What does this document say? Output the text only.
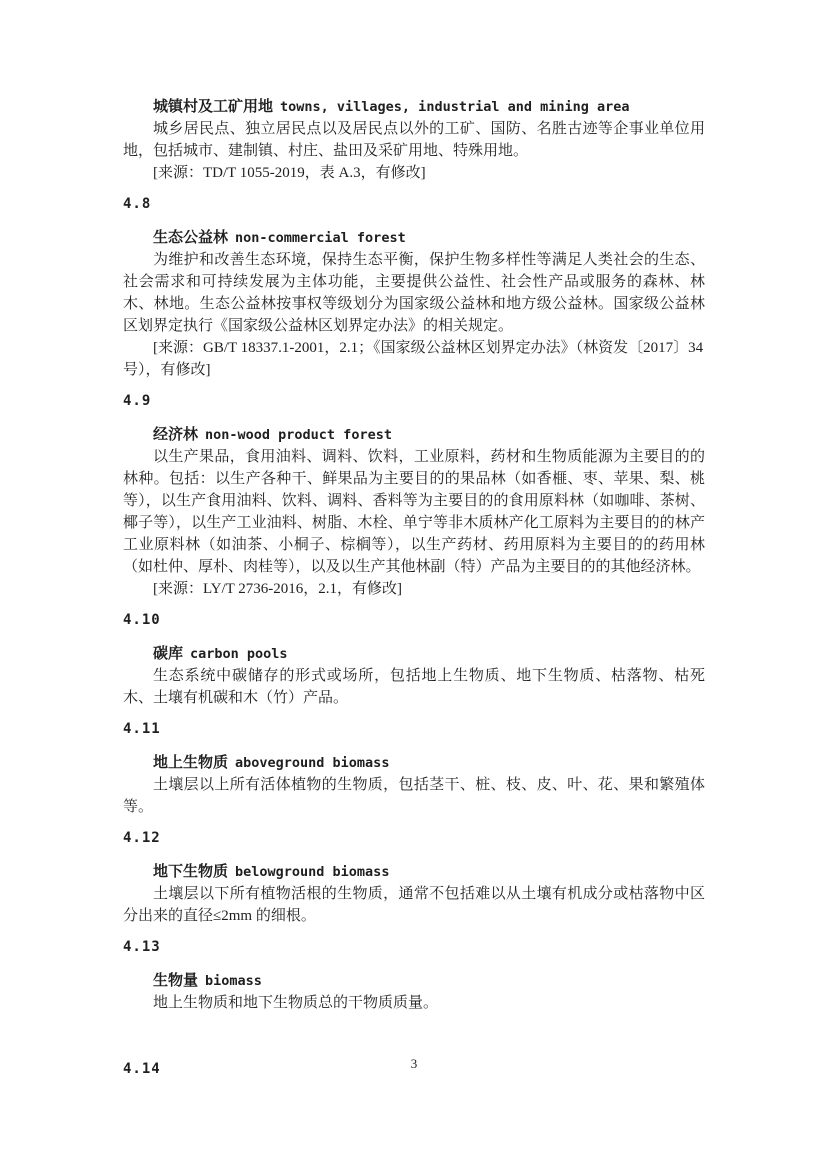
城镇村及工矿用地 towns, villages, industrial and mining area

城乡居民点、独立居民点以及居民点以外的工矿、国防、名胜古迹等企事业单位用地，包括城市、建制镇、村庄、盐田及采矿用地、特殊用地。

[来源：TD/T 1055-2019，表 A.3，有修改]

4.8

生态公益林 non-commercial forest

为维护和改善生态环境，保持生态平衡，保护生物多样性等满足人类社会的生态、社会需求和可持续发展为主体功能，主要提供公益性、社会性产品或服务的森林、林木、林地。生态公益林按事权等级划分为国家级公益林和地方级公益林。国家级公益林区划界定执行《国家级公益林区划界定办法》的相关规定。

[来源：GB/T 18337.1-2001，2.1；《国家级公益林区划界定办法》（林资发〔2017〕34 号），有修改]

4.9

经济林 non-wood product forest

以生产果品，食用油料、调料、饮料，工业原料，药材和生物质能源为主要目的的林种。包括：以生产各种干、鲜果品为主要目的的果品林（如香榧、枣、苹果、梨、桃等），以生产食用油料、饮料、调料、香料等为主要目的的食用原料林（如咖啡、茶树、椰子等），以生产工业油料、树脂、木栓、单宁等非木质林产化工原料为主要目的的林产工业原料林（如油茶、小桐子、棕榈等），以生产药材、药用原料为主要目的的药用林（如杜仲、厚朴、肉桂等），以及以生产其他林副（特）产品为主要目的的其他经济林。

[来源：LY/T 2736-2016，2.1，有修改]

4.10

碳库 carbon pools

生态系统中碳储存的形式或场所，包括地上生物质、地下生物质、枯落物、枯死木、土壤有机碳和木（竹）产品。

4.11

地上生物质 aboveground biomass

土壤层以上所有活体植物的生物质，包括茎干、桩、枝、皮、叶、花、果和繁殖体等。

4.12

地下生物质 belowground biomass

土壤层以下所有植物活根的生物质，通常不包括难以从土壤有机成分或枯落物中区分出来的直径≤2mm 的细根。

4.13

生物量 biomass

地上生物质和地下生物质总的干物质质量。

4.14	3
